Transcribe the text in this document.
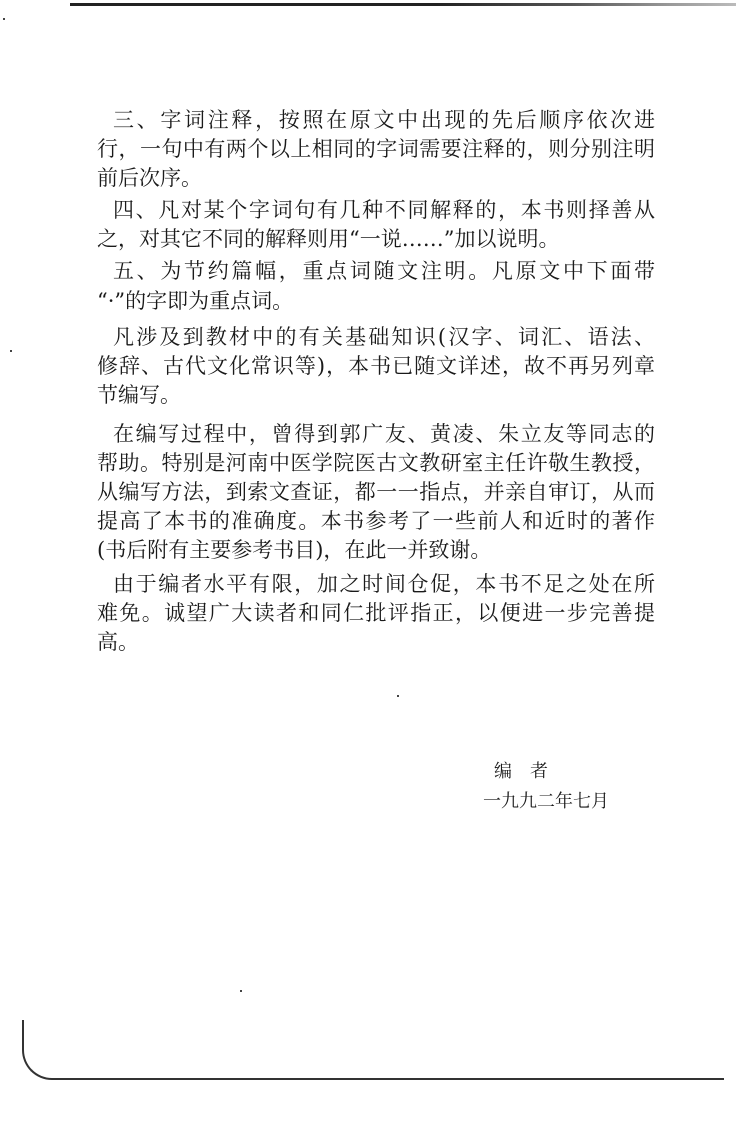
三、字词注释，按照在原文中出现的先后顺序依次进
行，一句中有两个以上相同的字词需要注释的，则分别注明
前后次序。
四、凡对某个字词句有几种不同解释的，本书则择善从
之，对其它不同的解释则用“一说……”加以说明。
五、为节约篇幅，重点词随文注明。凡原文中下面带
“·”的字即为重点词。
凡涉及到教材中的有关基础知识(汉字、词汇、语法、
修辞、古代文化常识等)，本书已随文详述，故不再另列章
节编写。
在编写过程中，曾得到郭广友、黄凌、朱立友等同志的
帮助。特别是河南中医学院医古文教研室主任许敬生教授，
从编写方法，到索文查证，都一一指点，并亲自审订，从而
提高了本书的准确度。本书参考了一些前人和近时的著作
(书后附有主要参考书目)，在此一并致谢。
由于编者水平有限，加之时间仓促，本书不足之处在所
难免。诚望广大读者和同仁批评指正，以便进一步完善提
高。
编　者
一九九二年七月
